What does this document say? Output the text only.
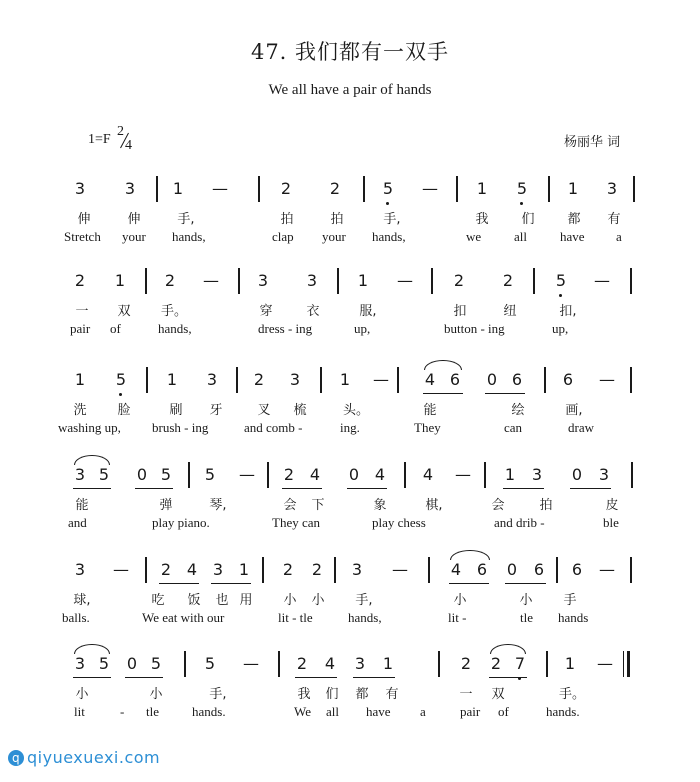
47. 我们都有一双手
We all have a pair of hands
1=F
2
4	杨丽华 词
3 3 1 —	2 2	5 — 1 5	1 3
伸	伸	手,	拍	拍	手,	我	们	都	有
Stretch your hands,	clap your hands,	we	all	have a
2 1 2 — 3 3	1 —	2 2	5 —
一	双	手。	穿	衣	服,	扣	纽	扣,
pair of	hands,	dress - ing	up,	button - ing	up,
1 5	1 3 2 3 1 — 4 6 0 6	6 —
洗	脸	刷	牙	叉	梳	头。	能	绘	画,
washing up, brush - ing	and comb -	ing.	They	can	draw
3 5 0 5 5 — 2 4 0 4 4 — 1 3 0 3
能	弹	琴,	会	下	象	棋,	会	拍	皮
and	play piano.	They can	play chess	and drib -	ble
3 — 2 4 3 1 2 2 3 —	4 6 0 6 6 —
球,	吃	饭	也 用	小	小	手,	小	小	手
balls.	We eat with our	lit - tle	hands,	lit -	tle hands
3 5 0 5	5 — 2 4 3 1	2 2 7 1 —
小	小	手,	我	们	都	有	一	双	手。
lit	- tle	hands.	We all have a	pair of	hands.
q qiyuexuexi.com
